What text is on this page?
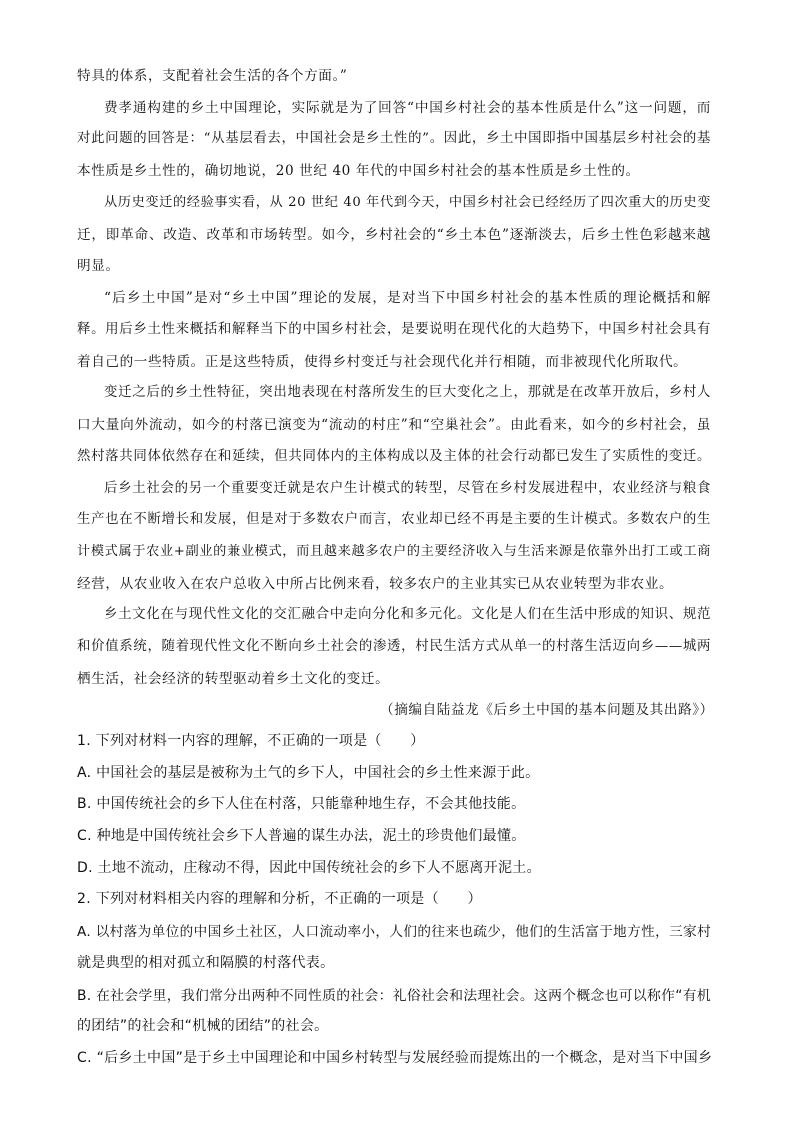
特具的体系，支配着社会生活的各个方面。”
费孝通构建的乡土中国理论，实际就是为了回答“中国乡村社会的基本性质是什么”这一问题，而
对此问题的回答是：“从基层看去，中国社会是乡土性的”。因此，乡土中国即指中国基层乡村社会的基
本性质是乡土性的，确切地说，20 世纪 40 年代的中国乡村社会的基本性质是乡土性的。
从历史变迁的经验事实看，从 20 世纪 40 年代到今天，中国乡村社会已经经历了四次重大的历史变
迁，即革命、改造、改革和市场转型。如今，乡村社会的“乡土本色”逐渐淡去，后乡土性色彩越来越
明显。
“后乡土中国”是对“乡土中国”理论的发展，是对当下中国乡村社会的基本性质的理论概括和解
释。用后乡土性来概括和解释当下的中国乡村社会，是要说明在现代化的大趋势下，中国乡村社会具有
着自己的一些特质。正是这些特质，使得乡村变迁与社会现代化并行相随，而非被现代化所取代。
变迁之后的乡土性特征，突出地表现在村落所发生的巨大变化之上，那就是在改革开放后，乡村人
口大量向外流动，如今的村落已演变为“流动的村庄”和“空巢社会”。由此看来，如今的乡村社会，虽
然村落共同体依然存在和延续，但共同体内的主体构成以及主体的社会行动都已发生了实质性的变迁。
后乡土社会的另一个重要变迁就是农户生计模式的转型，尽管在乡村发展进程中，农业经济与粮食
生产也在不断增长和发展，但是对于多数农户而言，农业却已经不再是主要的生计模式。多数农户的生
计模式属于农业+副业的兼业模式，而且越来越多农户的主要经济收入与生活来源是依靠外出打工或工商
经营，从农业收入在农户总收入中所占比例来看，较多农户的主业其实已从农业转型为非农业。
乡土文化在与现代性文化的交汇融合中走向分化和多元化。文化是人们在生活中形成的知识、规范
和价值系统，随着现代性文化不断向乡土社会的渗透，村民生活方式从单一的村落生活迈向乡——城两
栖生活，社会经济的转型驱动着乡土文化的变迁。
（摘编自陆益龙《后乡土中国的基本问题及其出路》）
1. 下列对材料一内容的理解，不正确的一项是（　　）
A. 中国社会的基层是被称为土气的乡下人，中国社会的乡土性来源于此。
B. 中国传统社会的乡下人住在村落，只能靠种地生存，不会其他技能。
C. 种地是中国传统社会乡下人普遍的谋生办法，泥土的珍贵他们最懂。
D. 土地不流动，庄稼动不得，因此中国传统社会的乡下人不愿离开泥土。
2. 下列对材料相关内容的理解和分析，不正确的一项是（　　）
A. 以村落为单位的中国乡土社区，人口流动率小，人们的往来也疏少，他们的生活富于地方性，三家村
就是典型的相对孤立和隔膜的村落代表。
B. 在社会学里，我们常分出两种不同性质的社会：礼俗社会和法理社会。这两个概念也可以称作“有机
的团结”的社会和“机械的团结”的社会。
C. “后乡土中国”是于乡土中国理论和中国乡村转型与发展经验而提炼出的一个概念，是对当下中国乡
